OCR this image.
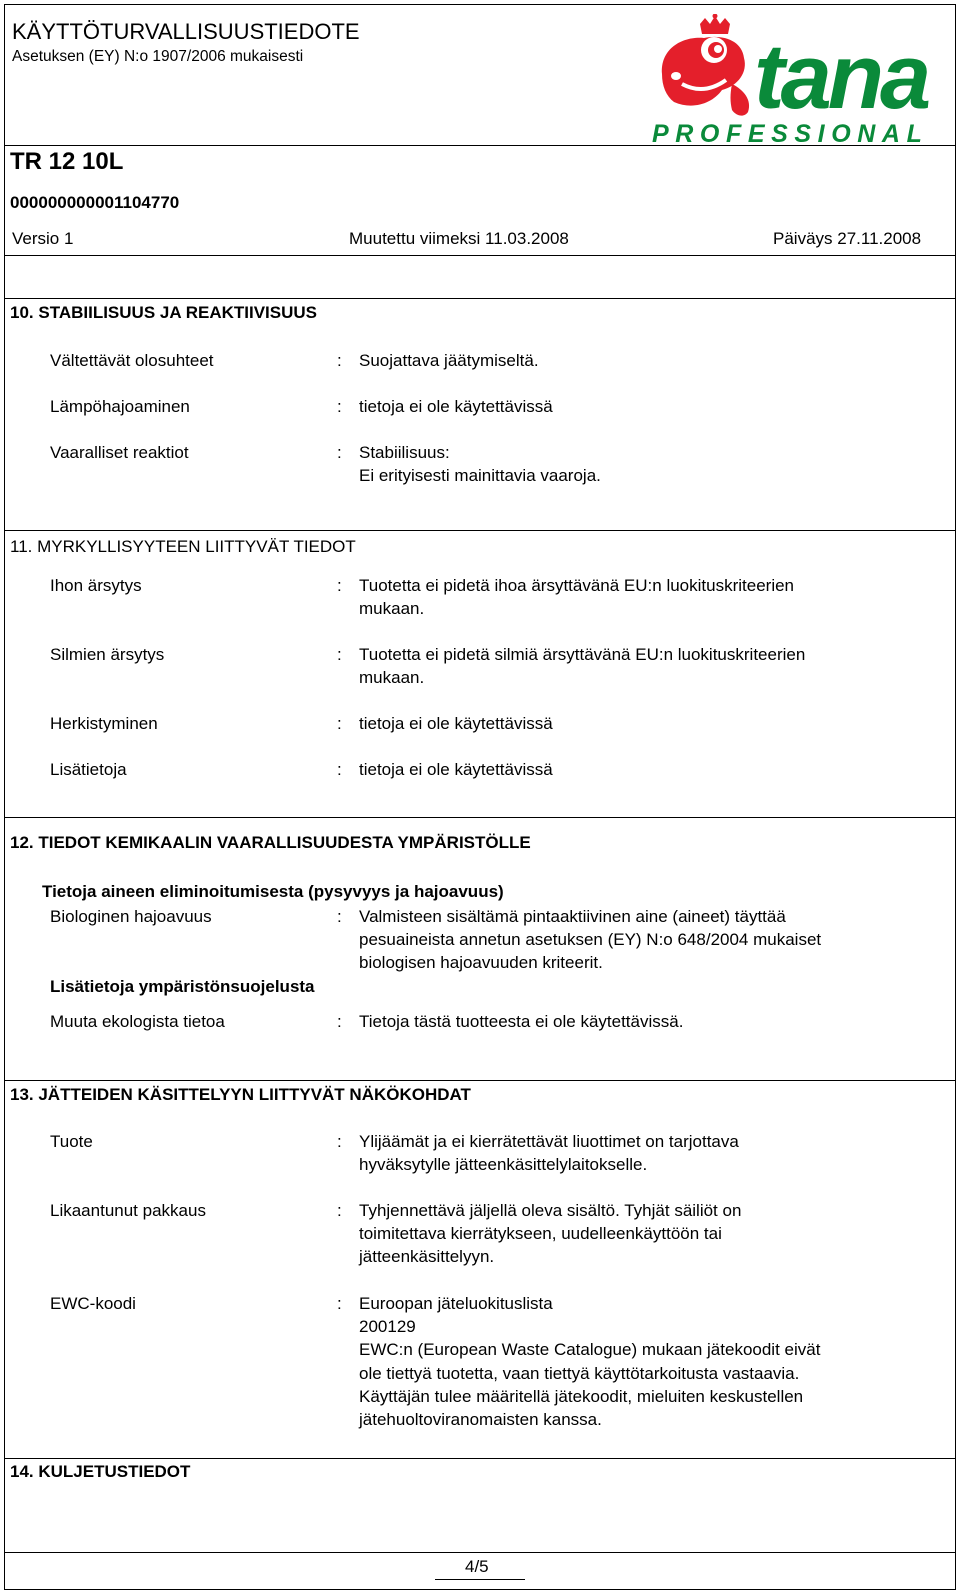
KÄYTTÖTURVALLISUUSTIEDOTE
Asetuksen (EY) N:o 1907/2006 mukaisesti	tana
PROFESSIONAL
TR 12 10L
000000000001104770
Versio 1	Muutettu viimeksi 11.03.2008	Päiväys 27.11.2008
10. STABIILISUUS JA REAKTIIVISUUS
Vältettävät olosuhteet	: Suojattava jäätymiseltä.
Lämpöhajoaminen	: tietoja ei ole käytettävissä
Vaaralliset reaktiot	: Stabiilisuus:
Ei erityisesti mainittavia vaaroja.
11. MYRKYLLISYYTEEN LIITTYVÄT TIEDOT
Ihon ärsytys	: Tuotetta ei pidetä ihoa ärsyttävänä EU:n luokituskriteerien
mukaan.
Silmien ärsytys	: Tuotetta ei pidetä silmiä ärsyttävänä EU:n luokituskriteerien
mukaan.
Herkistyminen	: tietoja ei ole käytettävissä
Lisätietoja	: tietoja ei ole käytettävissä
12. TIEDOT KEMIKAALIN VAARALLISUUDESTA YMPÄRISTÖLLE
Tietoja aineen eliminoitumisesta (pysyvyys ja hajoavuus)
Biologinen hajoavuus	: Valmisteen sisältämä pintaaktiivinen aine (aineet) täyttää
pesuaineista annetun asetuksen (EY) N:o 648/2004 mukaiset
biologisen hajoavuuden kriteerit.
Lisätietoja ympäristönsuojelusta
Muuta ekologista tietoa	: Tietoja tästä tuotteesta ei ole käytettävissä.
13. JÄTTEIDEN KÄSITTELYYN LIITTYVÄT NÄKÖKOHDAT
Tuote	: Ylijäämät ja ei kierrätettävät liuottimet on tarjottava
hyväksytylle jätteenkäsittelylaitokselle.
Likaantunut pakkaus	: Tyhjennettävä jäljellä oleva sisältö. Tyhjät säiliöt on
toimitettava kierrätykseen, uudelleenkäyttöön tai
jätteenkäsittelyyn.
EWC-koodi	: Euroopan jäteluokituslista
200129
EWC:n (European Waste Catalogue) mukaan jätekoodit eivät
ole tiettyä tuotetta, vaan tiettyä käyttötarkoitusta vastaavia.
Käyttäjän tulee määritellä jätekoodit, mieluiten keskustellen
jätehuoltoviranomaisten kanssa.
14. KULJETUSTIEDOT
4/5
